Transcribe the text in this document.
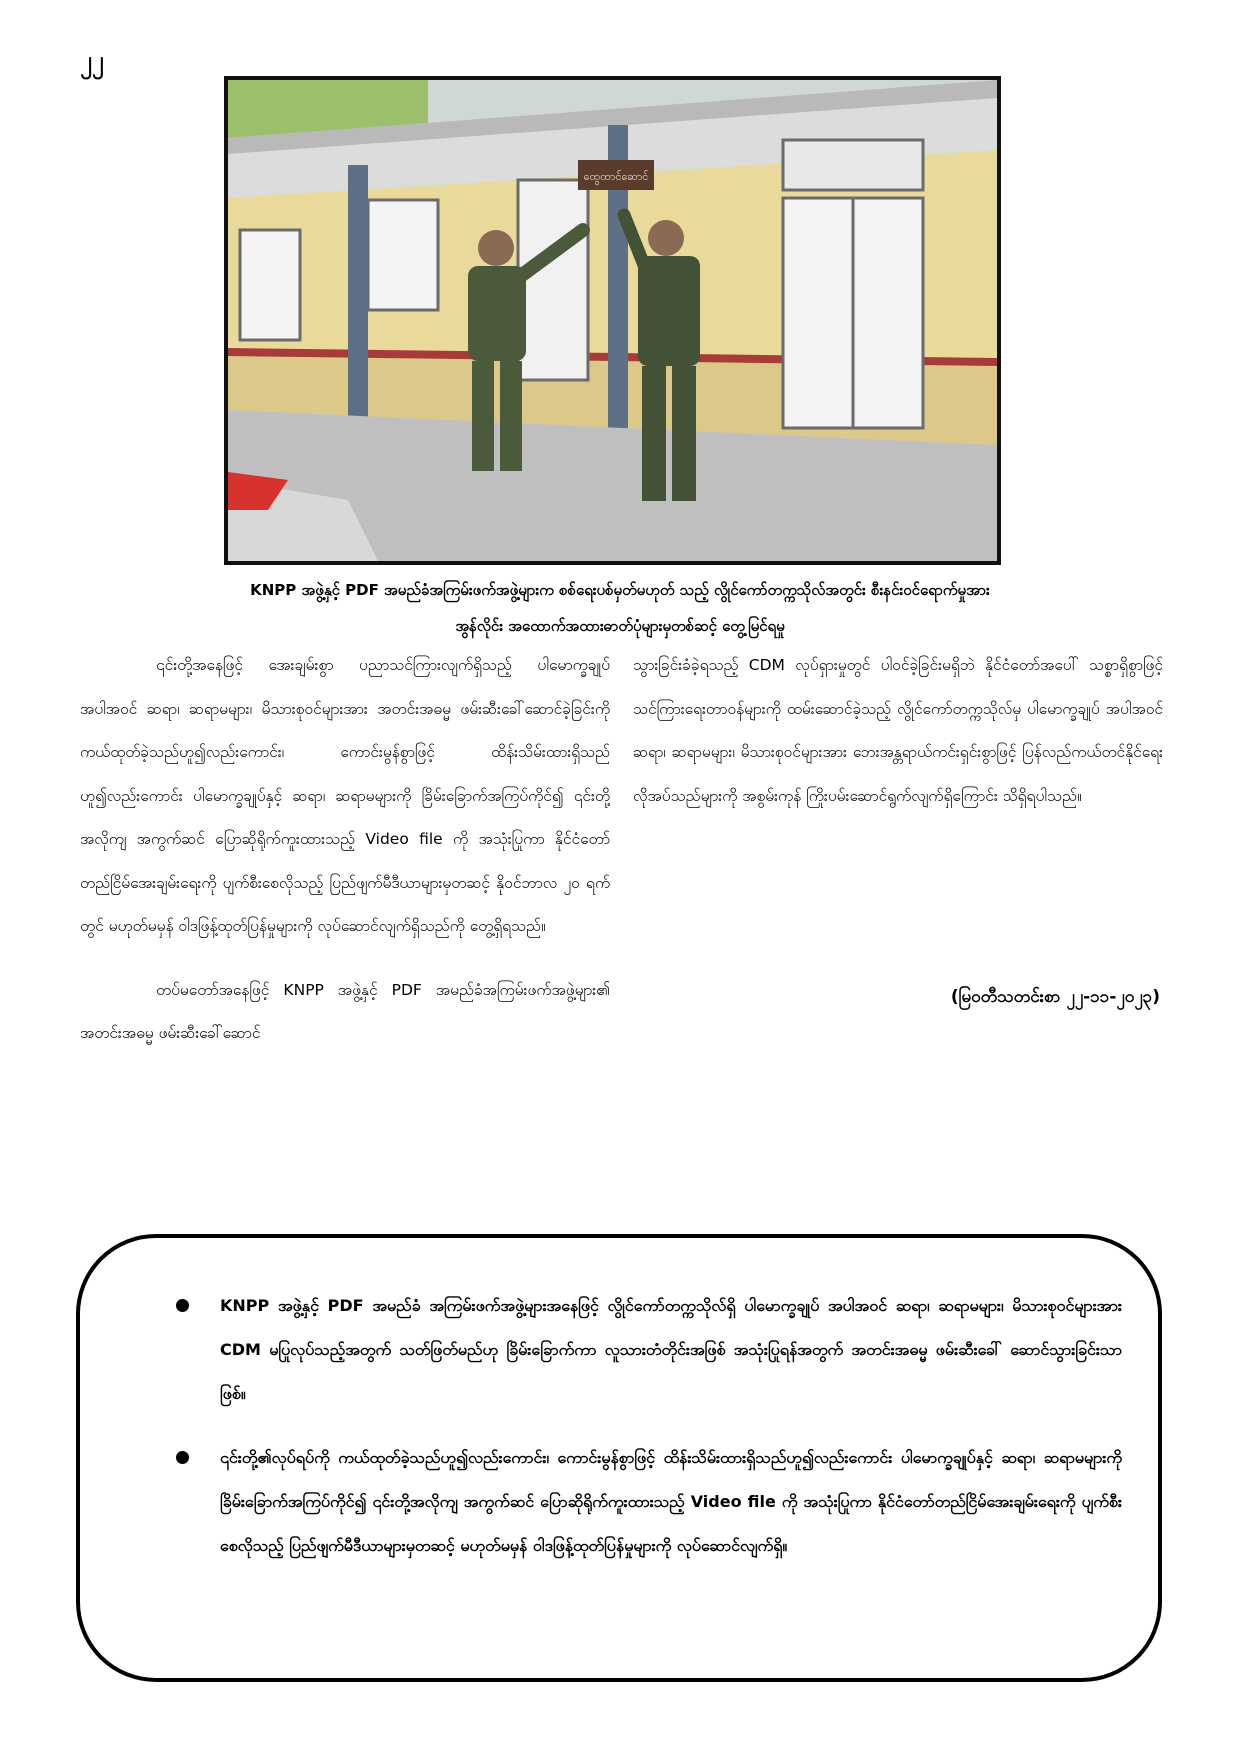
၂၂
ထွေထာင်ဆောင်
KNPP အဖွဲ့နှင့် PDF အမည်ခံအကြမ်းဖက်အဖွဲ့များက စစ်ရေးပစ်မှတ်မဟုတ် သည့် လွိုင်ကော်တက္ကသိုလ်အတွင်း စီးနင်းဝင်ရောက်မှုအား
အွန်လိုင်း အထောက်အထားဓာတ်ပုံများမှတစ်ဆင့် တွေ့မြင်ရမှု

၎င်းတို့အနေဖြင့် အေးချမ်းစွာ ပညာသင်ကြားလျက်ရှိသည့် ပါမောက္ခချုပ် အပါအဝင် ဆရာ၊ ဆရာမများ၊ မိသားစုဝင်များအား အတင်းအဓမ္မ ဖမ်းဆီးခေါ်ဆောင်ခဲ့ခြင်းကို ကယ်ထုတ်ခဲ့သည်ဟူ၍လည်းကောင်း၊ ကောင်းမွန်စွာဖြင့် ထိန်းသိမ်းထားရှိသည် ဟူ၍လည်းကောင်း ပါမောက္ခချုပ်နှင့် ဆရာ၊ ဆရာမများကို ခြိမ်းခြောက်အကြပ်ကိုင်၍ ၎င်းတို့အလိုကျ အကွက်ဆင် ပြောဆိုရိုက်ကူးထားသည့် Video file ကို အသုံးပြုကာ နိုင်ငံတော်တည်ငြိမ်အေးချမ်းရေးကို ပျက်စီးစေလိုသည့် ပြည်ဖျက်မီဒီယာများမှတဆင့် နိုဝင်ဘာလ ၂၀ ရက်တွင် မဟုတ်မမှန် ဝါဒဖြန့်ထုတ်ပြန်မှုများကို လုပ်ဆောင်လျက်ရှိသည်ကို တွေ့ရှိရသည်။

တပ်မတော်အနေဖြင့် KNPP အဖွဲ့နှင့် PDF အမည်ခံအကြမ်းဖက်အဖွဲ့များ၏ အတင်းအဓမ္မ ဖမ်းဆီးခေါ်ဆောင်

သွားခြင်းခံခဲ့ရသည့် CDM လုပ်ရှားမှုတွင် ပါဝင်ခဲ့ခြင်းမရှိဘဲ နိုင်ငံတော်အပေါ် သစ္စာရှိစွာဖြင့် သင်ကြားရေးတာဝန်များကို ထမ်းဆောင်ခဲ့သည့် လွိုင်ကော်တက္ကသိုလ်မှ ပါမောက္ခချုပ် အပါအဝင် ဆရာ၊ ဆရာမများ၊ မိသားစုဝင်များအား ဘေးအန္တရာယ်ကင်းရှင်းစွာဖြင့် ပြန်လည်ကယ်တင်နိုင်ရေး လိုအပ်သည်များကို အစွမ်းကုန် ကြိုးပမ်းဆောင်ရွက်လျက်ရှိကြောင်း သိရှိရပါသည်။

(မြဝတီသတင်းစာ ၂၂-၁၁-၂၀၂၃)
KNPP အဖွဲ့နှင့် PDF အမည်ခံ အကြမ်းဖက်အဖွဲ့များအနေဖြင့် လွိုင်ကော်တက္ကသိုလ်ရှိ ပါမောက္ခချုပ် အပါအဝင် ဆရာ၊ ဆရာမများ၊ မိသားစုဝင်များအား CDM မပြုလုပ်သည့်အတွက် သတ်ဖြတ်မည်ဟု ခြိမ်းခြောက်ကာ လူသားတံတိုင်းအဖြစ် အသုံးပြုရန်အတွက် အတင်းအဓမ္မ ဖမ်းဆီးခေါ် ဆောင်သွားခြင်းသာဖြစ်။
၎င်းတို့၏လုပ်ရပ်ကို ကယ်ထုတ်ခဲ့သည်ဟူ၍လည်းကောင်း၊ ကောင်းမွန်စွာဖြင့် ထိန်းသိမ်းထားရှိသည်ဟူ၍လည်းကောင်း ပါမောက္ခချုပ်နှင့် ဆရာ၊ ဆရာမများကို ခြိမ်းခြောက်အကြပ်ကိုင်၍ ၎င်းတို့အလိုကျ အကွက်ဆင် ပြောဆိုရိုက်ကူးထားသည့် Video file ကို အသုံးပြုကာ နိုင်ငံတော်တည်ငြိမ်အေးချမ်းရေးကို ပျက်စီးစေလိုသည့် ပြည်ဖျက်မီဒီယာများမှတဆင့် မဟုတ်မမှန် ဝါဒဖြန့်ထုတ်ပြန်မှုများကို လုပ်ဆောင်လျက်ရှိ။
